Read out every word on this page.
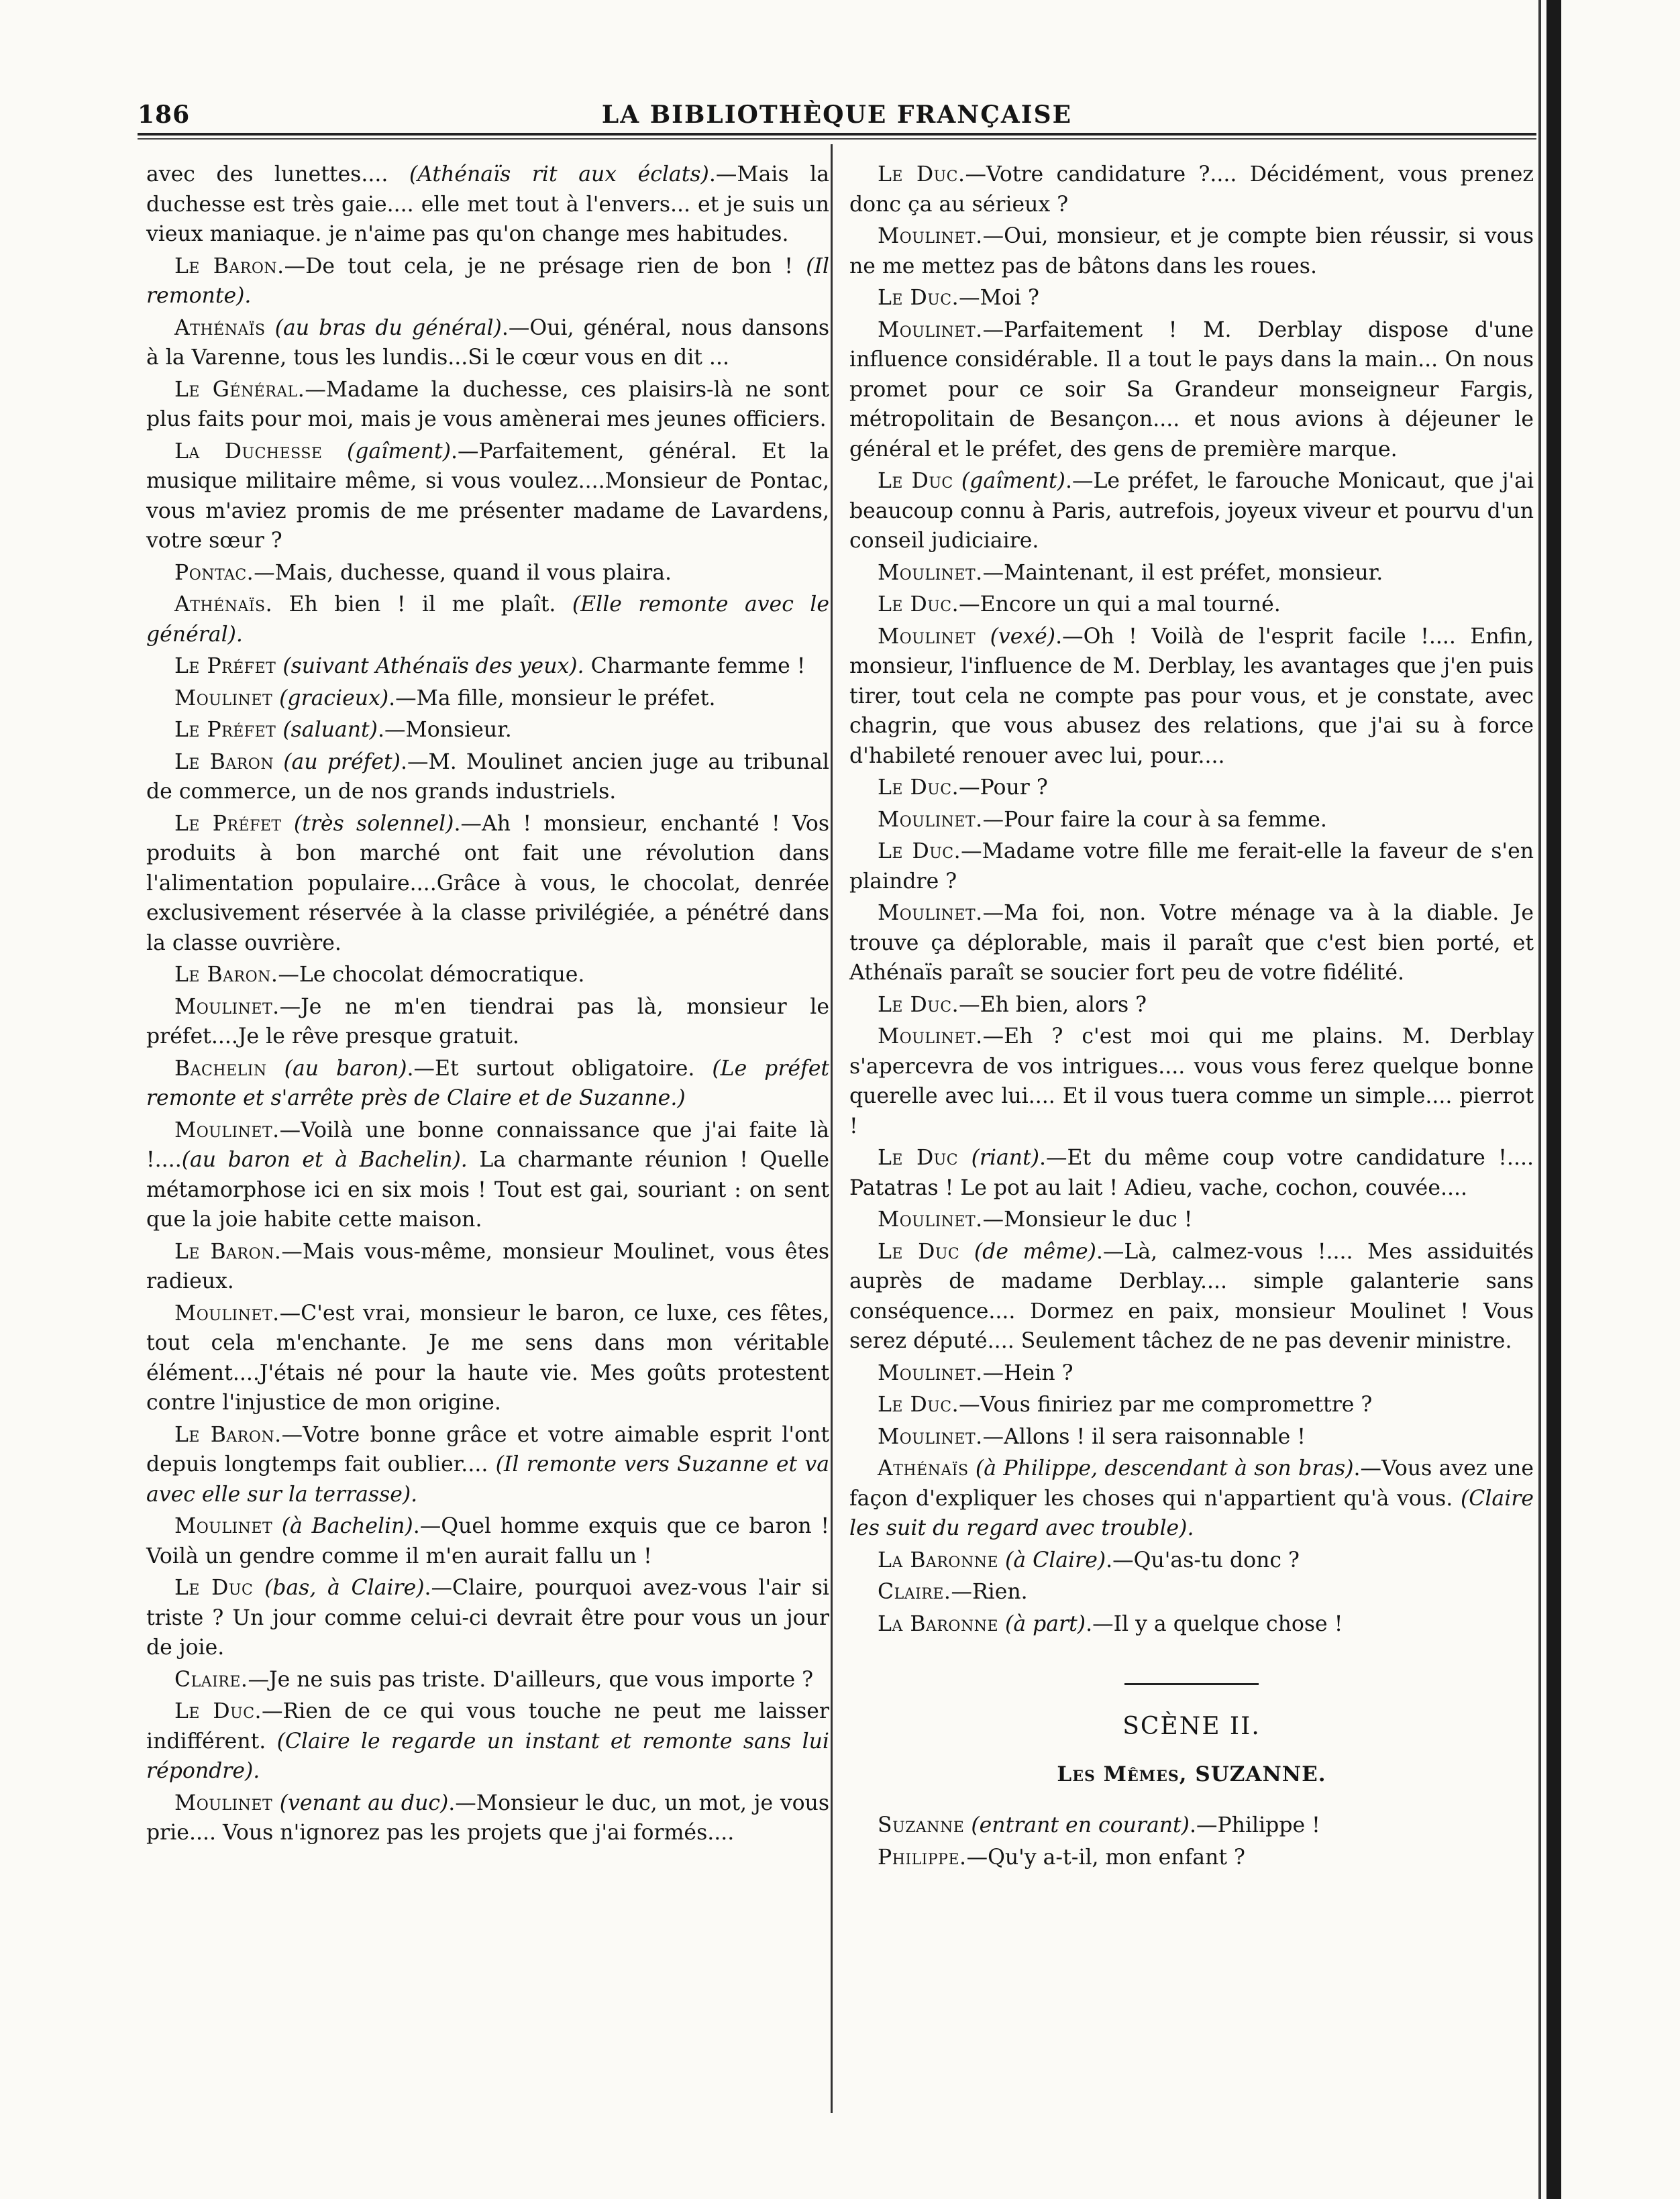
186	LA BIBLIOTHÈQUE FRANÇAISE

avec des lunettes.... (Athénaïs rit aux éclats).—Mais la duchesse est très gaie.... elle met tout à l'envers... et je suis un vieux maniaque. je n'aime pas qu'on change mes habitudes.

Le Baron.—De tout cela, je ne présage rien de bon ! (Il remonte).

Athénaïs (au bras du général).—Oui, général, nous dansons à la Varenne, tous les lundis...Si le cœur vous en dit ...

Le Général.—Madame la duchesse, ces plaisirs-là ne sont plus faits pour moi, mais je vous amènerai mes jeunes officiers.

La Duchesse (gaîment).—Parfaitement, général. Et la musique militaire même, si vous voulez....Monsieur de Pontac, vous m'aviez promis de me présenter madame de Lavardens, votre sœur ?

Pontac.—Mais, duchesse, quand il vous plaira.

Athénaïs. Eh bien ! il me plaît. (Elle remonte avec le général).

Le Préfet (suivant Athénaïs des yeux). Charmante femme !

Moulinet (gracieux).—Ma fille, monsieur le préfet.

Le Préfet (saluant).—Monsieur.

Le Baron (au préfet).—M. Moulinet ancien juge au tribunal de commerce, un de nos grands industriels.

Le Préfet (très solennel).—Ah ! monsieur, enchanté ! Vos produits à bon marché ont fait une révolution dans l'alimentation populaire....Grâce à vous, le chocolat, denrée exclusivement réservée à la classe privilégiée, a pénétré dans la classe ouvrière.

Le Baron.—Le chocolat démocratique.

Moulinet.—Je ne m'en tiendrai pas là, monsieur le préfet....Je le rêve presque gratuit.

Bachelin (au baron).—Et surtout obligatoire. (Le préfet remonte et s'arrête près de Claire et de Suzanne.)

Moulinet.—Voilà une bonne connaissance que j'ai faite là !....(au baron et à Bachelin). La charmante réunion ! Quelle métamorphose ici en six mois ! Tout est gai, souriant : on sent que la joie habite cette maison.

Le Baron.—Mais vous-même, monsieur Moulinet, vous êtes radieux.

Moulinet.—C'est vrai, monsieur le baron, ce luxe, ces fêtes, tout cela m'enchante. Je me sens dans mon véritable élément....J'étais né pour la haute vie. Mes goûts protestent contre l'injustice de mon origine.

Le Baron.—Votre bonne grâce et votre aimable esprit l'ont depuis longtemps fait oublier.... (Il remonte vers Suzanne et va avec elle sur la terrasse).

Moulinet (à Bachelin).—Quel homme exquis que ce baron ! Voilà un gendre comme il m'en aurait fallu un !

Le Duc (bas, à Claire).—Claire, pourquoi avez-vous l'air si triste ? Un jour comme celui-ci devrait être pour vous un jour de joie.

Claire.—Je ne suis pas triste. D'ailleurs, que vous importe ?

Le Duc.—Rien de ce qui vous touche ne peut me laisser indifférent. (Claire le regarde un instant et remonte sans lui répondre).

Moulinet (venant au duc).—Monsieur le duc, un mot, je vous prie.... Vous n'ignorez pas les projets que j'ai formés....

Le Duc.—Votre candidature ?.... Décidément, vous prenez donc ça au sérieux ?

Moulinet.—Oui, monsieur, et je compte bien réussir, si vous ne me mettez pas de bâtons dans les roues.

Le Duc.—Moi ?

Moulinet.—Parfaitement ! M. Derblay dispose d'une influence considérable. Il a tout le pays dans la main... On nous promet pour ce soir Sa Grandeur monseigneur Fargis, métropolitain de Besançon.... et nous avions à déjeuner le général et le préfet, des gens de première marque.

Le Duc (gaîment).—Le préfet, le farouche Monicaut, que j'ai beaucoup connu à Paris, autrefois, joyeux viveur et pourvu d'un conseil judiciaire.

Moulinet.—Maintenant, il est préfet, monsieur.

Le Duc.—Encore un qui a mal tourné.

Moulinet (vexé).—Oh ! Voilà de l'esprit facile !.... Enfin, monsieur, l'influence de M. Derblay, les avantages que j'en puis tirer, tout cela ne compte pas pour vous, et je constate, avec chagrin, que vous abusez des relations, que j'ai su à force d'habileté renouer avec lui, pour....

Le Duc.—Pour ?

Moulinet.—Pour faire la cour à sa femme.

Le Duc.—Madame votre fille me ferait-elle la faveur de s'en plaindre ?

Moulinet.—Ma foi, non. Votre ménage va à la diable. Je trouve ça déplorable, mais il paraît que c'est bien porté, et Athénaïs paraît se soucier fort peu de votre fidélité.

Le Duc.—Eh bien, alors ?

Moulinet.—Eh ? c'est moi qui me plains. M. Derblay s'apercevra de vos intrigues.... vous vous ferez quelque bonne querelle avec lui.... Et il vous tuera comme un simple.... pierrot !

Le Duc (riant).—Et du même coup votre candidature !.... Patatras ! Le pot au lait ! Adieu, vache, cochon, couvée....

Moulinet.—Monsieur le duc !

Le Duc (de même).—Là, calmez-vous !.... Mes assiduités auprès de madame Derblay.... simple galanterie sans conséquence.... Dormez en paix, monsieur Moulinet ! Vous serez député.... Seulement tâchez de ne pas devenir ministre.

Moulinet.—Hein ?

Le Duc.—Vous finiriez par me compromettre ?

Moulinet.—Allons ! il sera raisonnable !

Athénaïs (à Philippe, descendant à son bras).—Vous avez une façon d'expliquer les choses qui n'appartient qu'à vous. (Claire les suit du regard avec trouble).

La Baronne (à Claire).—Qu'as-tu donc ?

Claire.—Rien.

La Baronne (à part).—Il y a quelque chose !

SCÈNE II.
Les Mêmes, SUZANNE.

Suzanne (entrant en courant).—Philippe !

Philippe.—Qu'y a-t-il, mon enfant ?
